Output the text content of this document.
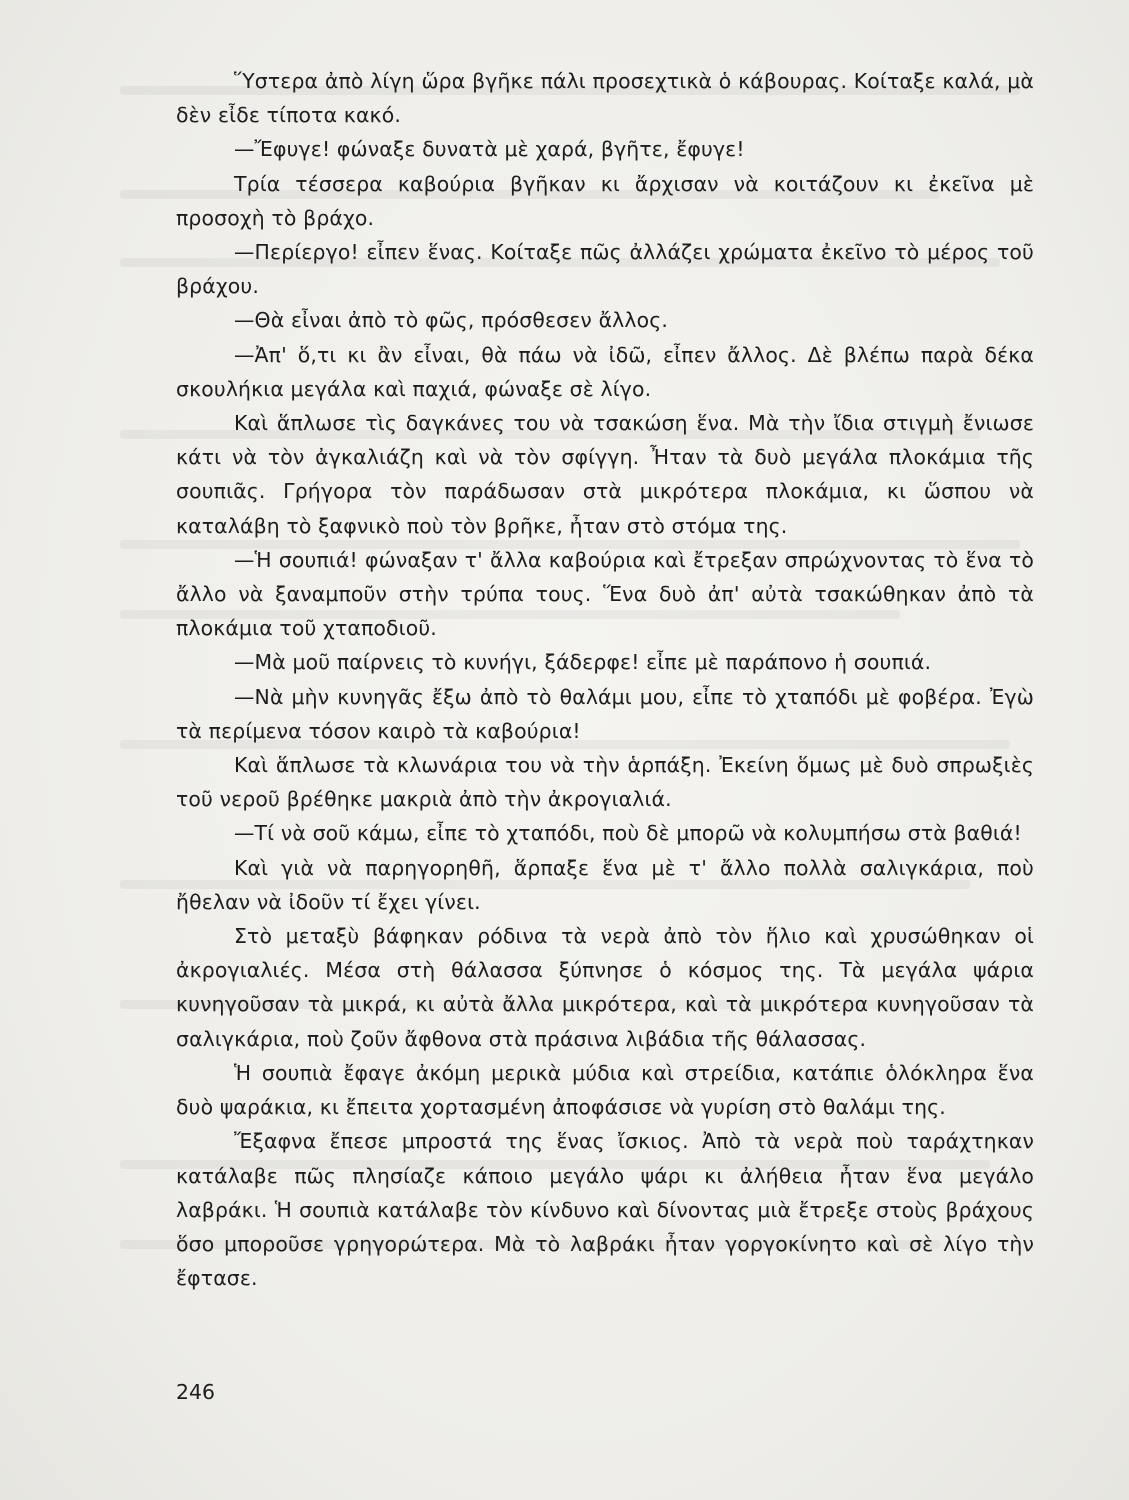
Ὕστερα ἀπὸ λίγη ὥρα βγῆκε πάλι προσεχτικὰ ὁ κάβουρας. Κοίταξε καλά, μὰ δὲν εἶδε τίποτα κακό.

—Ἔφυγε! φώναξε δυνατὰ μὲ χαρά, βγῆτε, ἔφυγε!

Τρία τέσσερα καβούρια βγῆκαν κι ἄρχισαν νὰ κοιτάζουν κι ἐκεῖνα μὲ προσοχὴ τὸ βράχο.

—Περίεργο! εἶπεν ἕνας. Κοίταξε πῶς ἀλλάζει χρώματα ἐκεῖνο τὸ μέρος τοῦ βράχου.

—Θὰ εἶναι ἀπὸ τὸ φῶς, πρόσθεσεν ἄλλος.

—Ἀπ' ὅ,τι κι ἂν εἶναι, θὰ πάω νὰ ἰδῶ, εἶπεν ἄλλος. Δὲ βλέπω παρὰ δέκα σκουλήκια μεγάλα καὶ παχιά, φώναξε σὲ λίγο.

Καὶ ἅπλωσε τὶς δαγκάνες του νὰ τσακώση ἕνα. Μὰ τὴν ἴδια στιγμὴ ἔνιωσε κάτι νὰ τὸν ἀγκαλιάζη καὶ νὰ τὸν σφίγγη. Ἦταν τὰ δυὸ μεγάλα πλοκάμια τῆς σουπιᾶς. Γρήγορα τὸν παράδωσαν στὰ μικρότερα πλοκάμια, κι ὥσπου νὰ καταλάβη τὸ ξαφνικὸ ποὺ τὸν βρῆκε, ἦταν στὸ στόμα της.

—Ἡ σουπιά! φώναξαν τ' ἄλλα καβούρια καὶ ἔτρεξαν σπρώχνοντας τὸ ἕνα τὸ ἄλλο νὰ ξαναμποῦν στὴν τρύπα τους. Ἕνα δυὸ ἀπ' αὐτὰ τσακώθηκαν ἀπὸ τὰ πλοκάμια τοῦ χταποδιοῦ.

—Μὰ μοῦ παίρνεις τὸ κυνήγι, ξάδερφε! εἶπε μὲ παράπονο ἡ σουπιά.

—Νὰ μὴν κυνηγᾶς ἔξω ἀπὸ τὸ θαλάμι μου, εἶπε τὸ χταπόδι μὲ φοβέρα. Ἐγὼ τὰ περίμενα τόσον καιρὸ τὰ καβούρια!

Καὶ ἅπλωσε τὰ κλωνάρια του νὰ τὴν ἁρπάξη. Ἐκείνη ὅμως μὲ δυὸ σπρωξιὲς τοῦ νεροῦ βρέθηκε μακριὰ ἀπὸ τὴν ἀκρογιαλιά.

—Τί νὰ σοῦ κάμω, εἶπε τὸ χταπόδι, ποὺ δὲ μπορῶ νὰ κολυμπήσω στὰ βαθιά!

Καὶ γιὰ νὰ παρηγορηθῆ, ἅρπαξε ἕνα μὲ τ' ἄλλο πολλὰ σαλιγκάρια, ποὺ ἤθελαν νὰ ἰδοῦν τί ἔχει γίνει.

Στὸ μεταξὺ βάφηκαν ρόδινα τὰ νερὰ ἀπὸ τὸν ἥλιο καὶ χρυσώθηκαν οἱ ἀκρογιαλιές. Μέσα στὴ θάλασσα ξύπνησε ὁ κόσμος της. Τὰ μεγάλα ψάρια κυνηγοῦσαν τὰ μικρά, κι αὐτὰ ἄλλα μικρότερα, καὶ τὰ μικρότερα κυνηγοῦσαν τὰ σαλιγκάρια, ποὺ ζοῦν ἄφθονα στὰ πράσινα λιβάδια τῆς θάλασσας.

Ἡ σουπιὰ ἔφαγε ἀκόμη μερικὰ μύδια καὶ στρείδια, κατάπιε ὁλόκληρα ἕνα δυὸ ψαράκια, κι ἔπειτα χορτασμένη ἀποφάσισε νὰ γυρίση στὸ θαλάμι της.

Ἔξαφνα ἔπεσε μπροστά της ἕνας ἴσκιος. Ἀπὸ τὰ νερὰ ποὺ ταράχτηκαν κατάλαβε πῶς πλησίαζε κάποιο μεγάλο ψάρι κι ἀλήθεια ἦταν ἕνα μεγάλο λαβράκι. Ἡ σουπιὰ κατάλαβε τὸν κίνδυνο καὶ δίνοντας μιὰ ἔτρεξε στοὺς βράχους ὅσο μποροῦσε γρηγορώτερα. Μὰ τὸ λαβράκι ἦταν γοργοκίνητο καὶ σὲ λίγο τὴν ἔφτασε.

246
